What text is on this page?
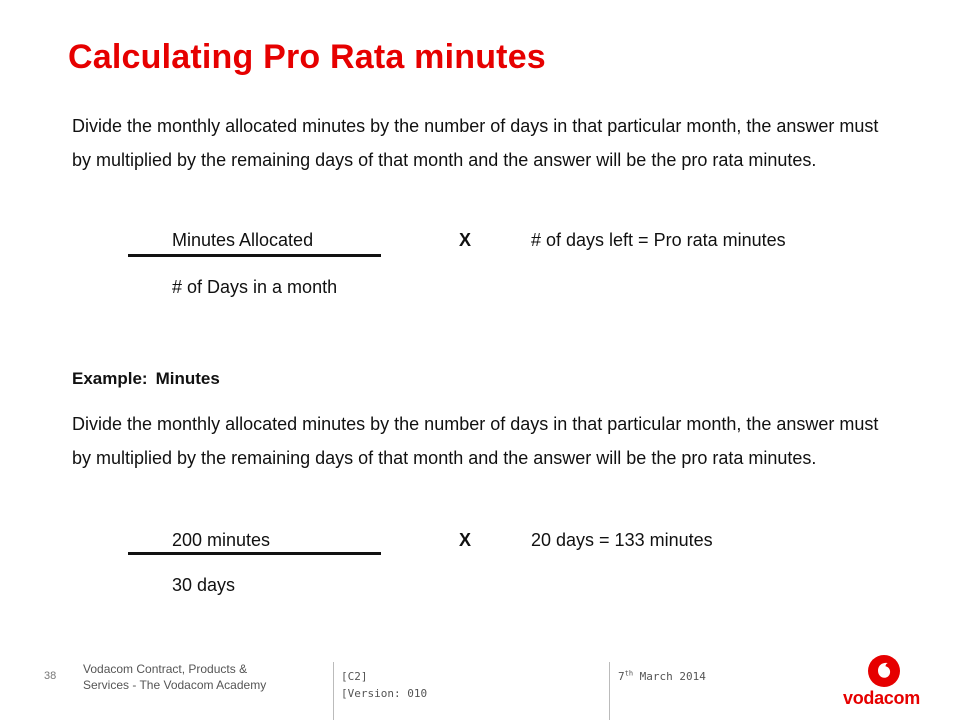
Calculating Pro Rata minutes
Divide the monthly allocated minutes by the number of days in that particular month, the answer must by multiplied by the remaining days of that month and the answer will be the pro rata minutes.
Minutes Allocated
# of Days in a month
X	# of days left = Pro rata minutes
Example: Minutes
Divide the monthly allocated minutes by the number of days in that particular month, the answer must by multiplied by the remaining days of that month and the answer will be the pro rata minutes.
200 minutes
30 days
X	20 days = 133 minutes
38 Vodacom Contract, Products &
Services - The Vodacom Academy
[C2]
[Version: 010
7th March 2014
vodacom
